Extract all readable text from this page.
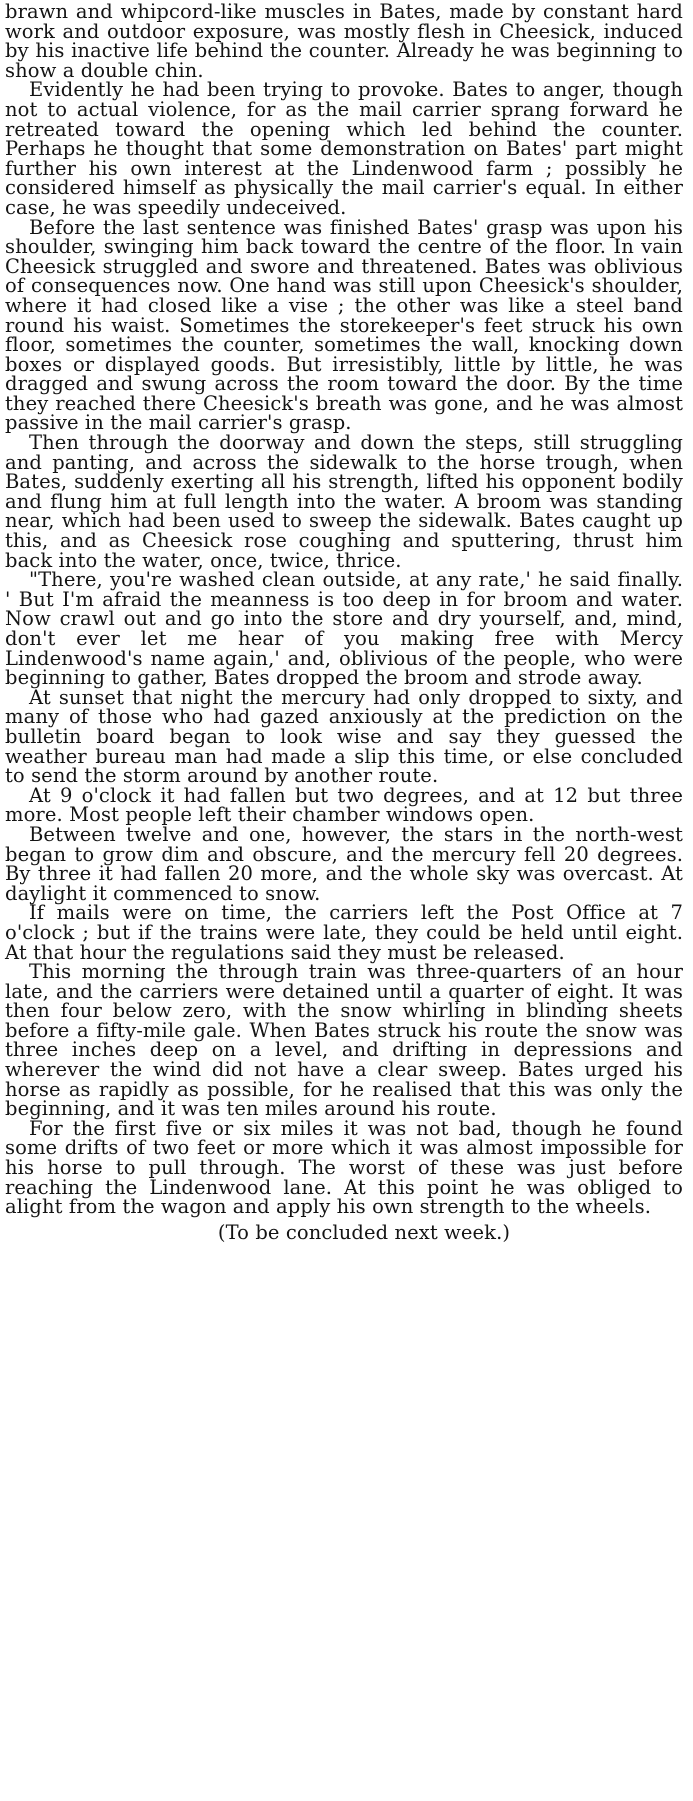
brawn and whipcord-like muscles in Bates, made by constant hard work and outdoor exposure, was mostly flesh in Cheesick, induced by his inactive life behind the counter. Already he was beginning to show a double chin.

Evidently he had been trying to provoke. Bates to anger, though not to actual violence, for as the mail carrier sprang forward he retreated toward the opening which led behind the counter. Perhaps he thought that some demonstration on Bates' part might further his own interest at the Lindenwood farm ; possibly he considered himself as physically the mail carrier's equal. In either case, he was speedily undeceived.

Before the last sentence was finished Bates' grasp was upon his shoulder, swinging him back toward the centre of the floor. In vain Cheesick struggled and swore and threatened. Bates was oblivious of consequences now. One hand was still upon Cheesick's shoulder, where it had closed like a vise ; the other was like a steel band round his waist. Sometimes the storekeeper's feet struck his own floor, sometimes the counter, sometimes the wall, knocking down boxes or displayed goods. But irresistibly, little by little, he was dragged and swung across the room toward the door. By the time they reached there Cheesick's breath was gone, and he was almost passive in the mail carrier's grasp.

Then through the doorway and down the steps, still struggling and panting, and across the sidewalk to the horse trough, when Bates, suddenly exerting all his strength, lifted his opponent bodily and flung him at full length into the water. A broom was standing near, which had been used to sweep the sidewalk. Bates caught up this, and as Cheesick rose coughing and sputtering, thrust him back into the water, once, twice, thrice.

"There, you're washed clean outside, at any rate,' he said finally. ' But I'm afraid the meanness is too deep in for broom and water. Now crawl out and go into the store and dry yourself, and, mind, don't ever let me hear of you making free with Mercy Lindenwood's name again,' and, oblivious of the people, who were beginning to gather, Bates dropped the broom and strode away.

At sunset that night the mercury had only dropped to sixty, and many of those who had gazed anxiously at the prediction on the bulletin board began to look wise and say they guessed the weather bureau man had made a slip this time, or else concluded to send the storm around by another route.

At 9 o'clock it had fallen but two degrees, and at 12 but three more. Most people left their chamber windows open.

Between twelve and one, however, the stars in the north-west began to grow dim and obscure, and the mercury fell 20 degrees. By three it had fallen 20 more, and the whole sky was overcast. At daylight it commenced to snow.

If mails were on time, the carriers left the Post Office at 7 o'clock ; but if the trains were late, they could be held until eight. At that hour the regulations said they must be released.

This morning the through train was three-quarters of an hour late, and the carriers were detained until a quarter of eight. It was then four below zero, with the snow whirling in blinding sheets before a fifty-mile gale. When Bates struck his route the snow was three inches deep on a level, and drifting in depressions and wherever the wind did not have a clear sweep. Bates urged his horse as rapidly as possible, for he realised that this was only the beginning, and it was ten miles around his route.

For the first five or six miles it was not bad, though he found some drifts of two feet or more which it was almost impossible for his horse to pull through. The worst of these was just before reaching the Lindenwood lane. At this point he was obliged to alight from the wagon and apply his own strength to the wheels.

(To be concluded next week.)
